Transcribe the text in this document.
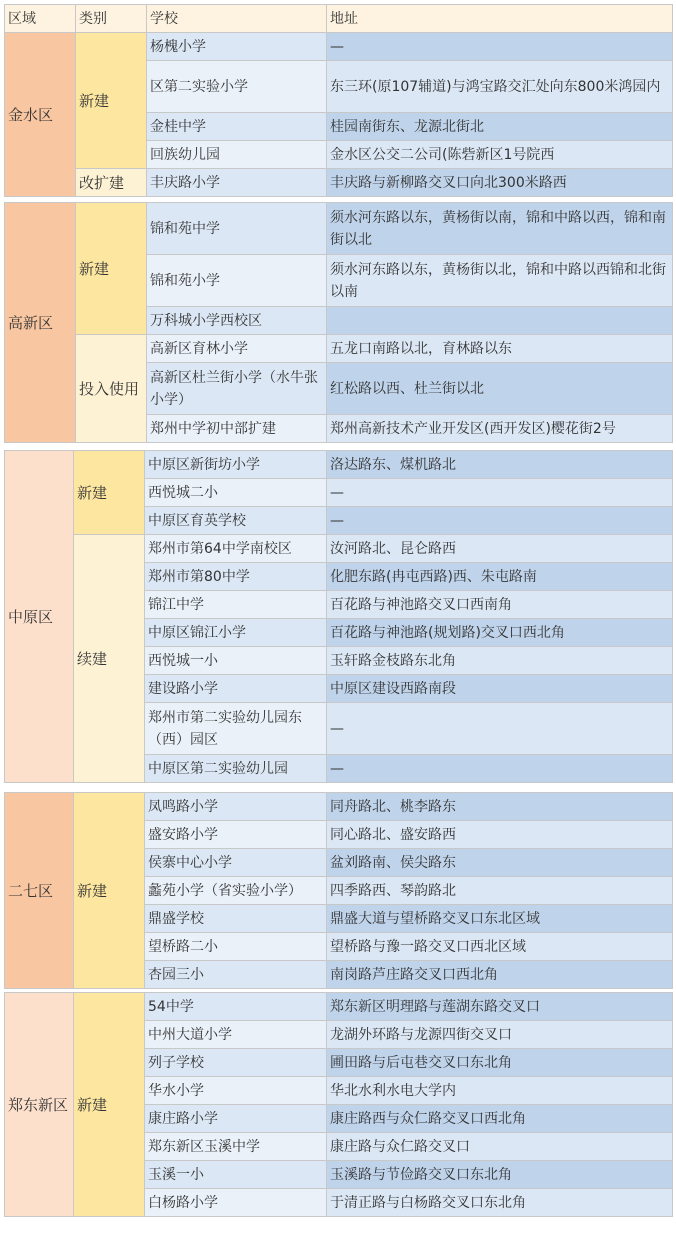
区域	类别	学校	地址
金水区	新建	杨槐小学	—
		区第二实验小学	东三环(原107辅道)与鸿宝路交汇处向东800米鸿园内
		金桂中学	桂园南街东、龙源北街北
		回族幼儿园	金水区公交二公司(陈砦新区1号院西
	改扩建	丰庆路小学	丰庆路与新柳路交叉口向北300米路西
高新区	新建	锦和苑中学	须水河东路以东，黄杨街以南，锦和中路以西，锦和南街以北
		锦和苑小学	须水河东路以东，黄杨街以北，锦和中路以西锦和北街以南
		万科城小学西校区	
	投入使用	高新区育林小学	五龙口南路以北，育林路以东
		高新区杜兰街小学（水牛张小学）	红松路以西、杜兰街以北
		郑州中学初中部扩建	郑州高新技术产业开发区(西开发区)樱花街2号
中原区	新建	中原区新街坊小学	洛达路东、煤机路北
		西悦城二小	—
		中原区育英学校	—
	续建	郑州市第64中学南校区	汝河路北、昆仑路西
		郑州市第80中学	化肥东路(冉屯西路)西、朱屯路南
		锦江中学	百花路与神池路交叉口西南角
		中原区锦江小学	百花路与神池路(规划路)交叉口西北角
		西悦城一小	玉轩路金枝路东北角
		建设路小学	中原区建设西路南段
		郑州市第二实验幼儿园东（西）园区	—
		中原区第二实验幼儿园	—
二七区	新建	凤鸣路小学	同舟路北、桃李路东
		盛安路小学	同心路北、盛安路西
		侯寨中心小学	盆刘路南、侯尖路东
		蠡苑小学（省实验小学）	四季路西、琴韵路北
		鼎盛学校	鼎盛大道与望桥路交叉口东北区域
		望桥路二小	望桥路与豫一路交叉口西北区域
		杏园三小	南岗路芦庄路交叉口西北角
郑东新区	新建	54中学	郑东新区明理路与莲湖东路交叉口
		中州大道小学	龙湖外环路与龙源四街交叉口
		列子学校	圃田路与后屯巷交叉口东北角
		华水小学	华北水利水电大学内
		康庄路小学	康庄路西与众仁路交叉口西北角
		郑东新区玉溪中学	康庄路与众仁路交叉口
		玉溪一小	玉溪路与节俭路交叉口东北角
		白杨路小学	于清正路与白杨路交叉口东北角
